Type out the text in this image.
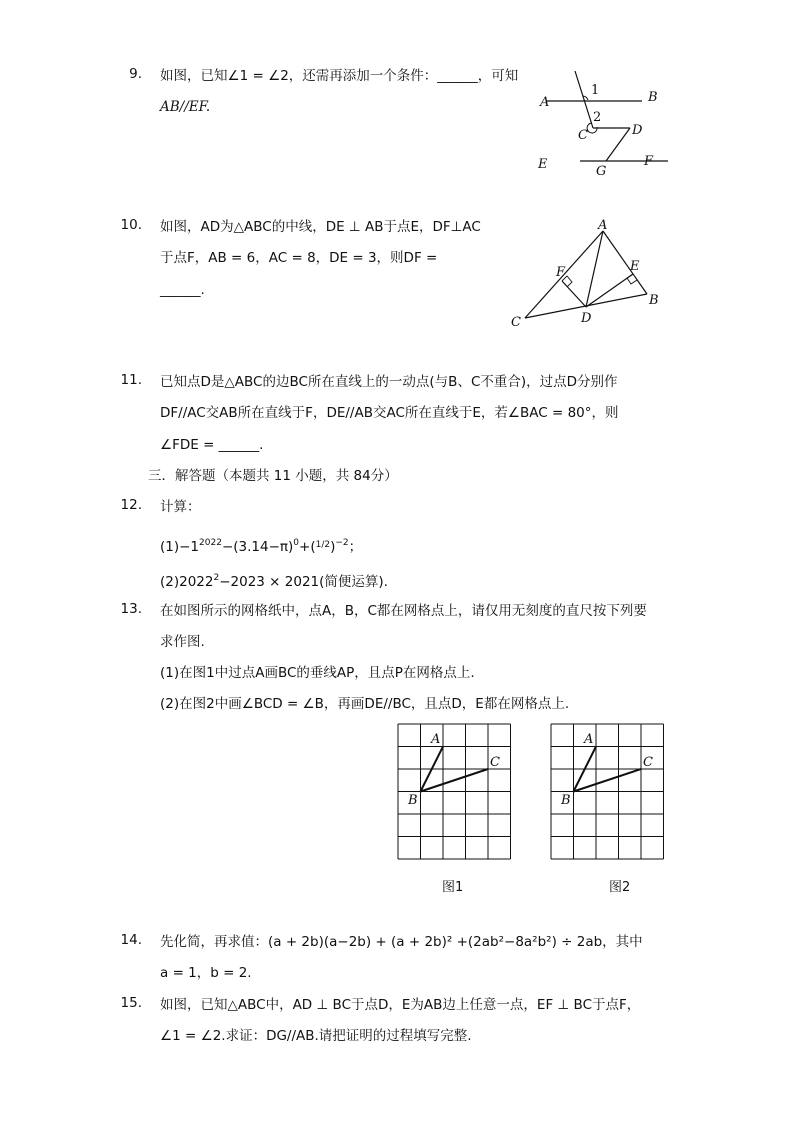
9. 如图，已知∠1 = ∠2，还需再添加一个条件：______，可知
AB//EF.	A	B
C	D
E	F
G
1
2
10. 如图，AD为△ABC的中线，DE ⊥ AB于点E，DF⊥AC
于点F，AB = 6，AC = 8，DE = 3，则DF =
______.
A
B
C	D
E
F
11. 已知点D是△ABC的边BC所在直线上的一动点(与B、C不重合)，过点D分别作
DF//AC交AB所在直线于F，DE//AB交AC所在直线于E，若∠BAC = 80°，则
∠FDE = ______.
三．解答题（本题共 11 小题，共 84分）
12. 计算：
$(1)-1^{2022}-(3.14-\pi)^0+(^{1/2})^{-2}$；
$(2)2022^2-2023 \times 2021$(简便运算).
13. 在如图所示的网格纸中，点A，B，C都在网格点上，请仅用无刻度的直尺按下列要
求作图.
(1)在图1中过点A画BC的垂线AP，且点P在网格点上.
(2)在图2中画∠BCD = ∠B，再画DE//BC，且点D，E都在网格点上.
A
B
C
图1
A
B
C
图2
14. 先化简，再求值：(a + 2b)(a−2b) + (a + 2b)² +(2ab²−8a²b²) ÷ 2ab，其中
a = 1，b = 2.
15. 如图，已知△ABC中，AD ⊥ BC于点D，E为AB边上任意一点，EF ⊥ BC于点F，
∠1 = ∠2.求证：DG//AB.请把证明的过程填写完整.
